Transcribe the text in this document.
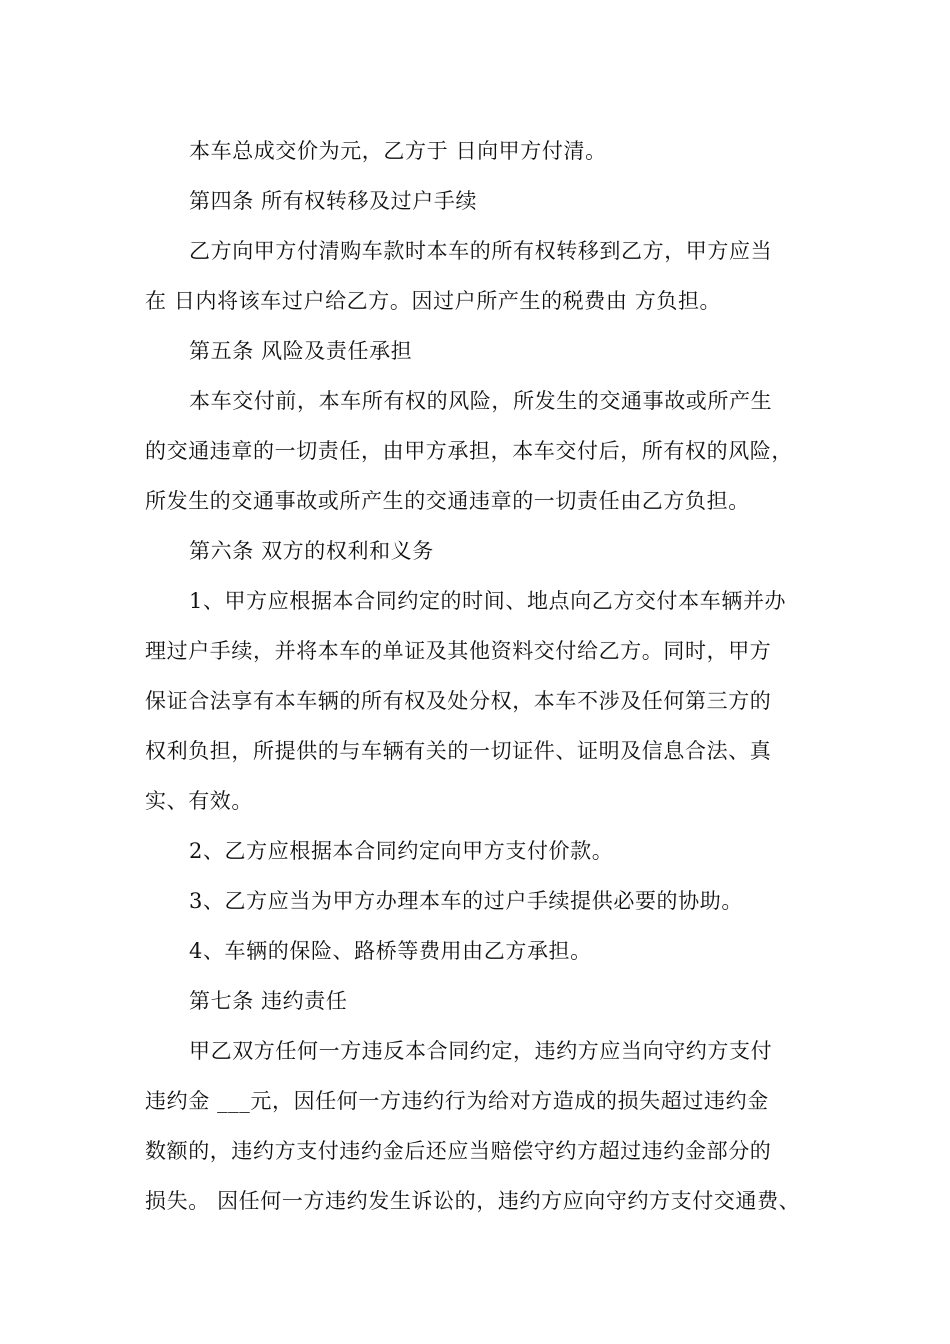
本车总成交价为元，乙方于 日向甲方付清。
第四条 所有权转移及过户手续
乙方向甲方付清购车款时本车的所有权转移到乙方，甲方应当
在 日内将该车过户给乙方。因过户所产生的税费由 方负担。
第五条 风险及责任承担
本车交付前，本车所有权的风险，所发生的交通事故或所产生
的交通违章的一切责任，由甲方承担，本车交付后，所有权的风险，
所发生的交通事故或所产生的交通违章的一切责任由乙方负担。
第六条 双方的权利和义务
1、甲方应根据本合同约定的时间、地点向乙方交付本车辆并办
理过户手续，并将本车的单证及其他资料交付给乙方。同时，甲方
保证合法享有本车辆的所有权及处分权，本车不涉及任何第三方的
权利负担，所提供的与车辆有关的一切证件、证明及信息合法、真
实、有效。
2、乙方应根据本合同约定向甲方支付价款。
3、乙方应当为甲方办理本车的过户手续提供必要的协助。
4、车辆的保险、路桥等费用由乙方承担。
第七条 违约责任
甲乙双方任何一方违反本合同约定，违约方应当向守约方支付
违约金 ___元，因任何一方违约行为给对方造成的损失超过违约金
数额的，违约方支付违约金后还应当赔偿守约方超过违约金部分的
损失。 因任何一方违约发生诉讼的，违约方应向守约方支付交通费、
